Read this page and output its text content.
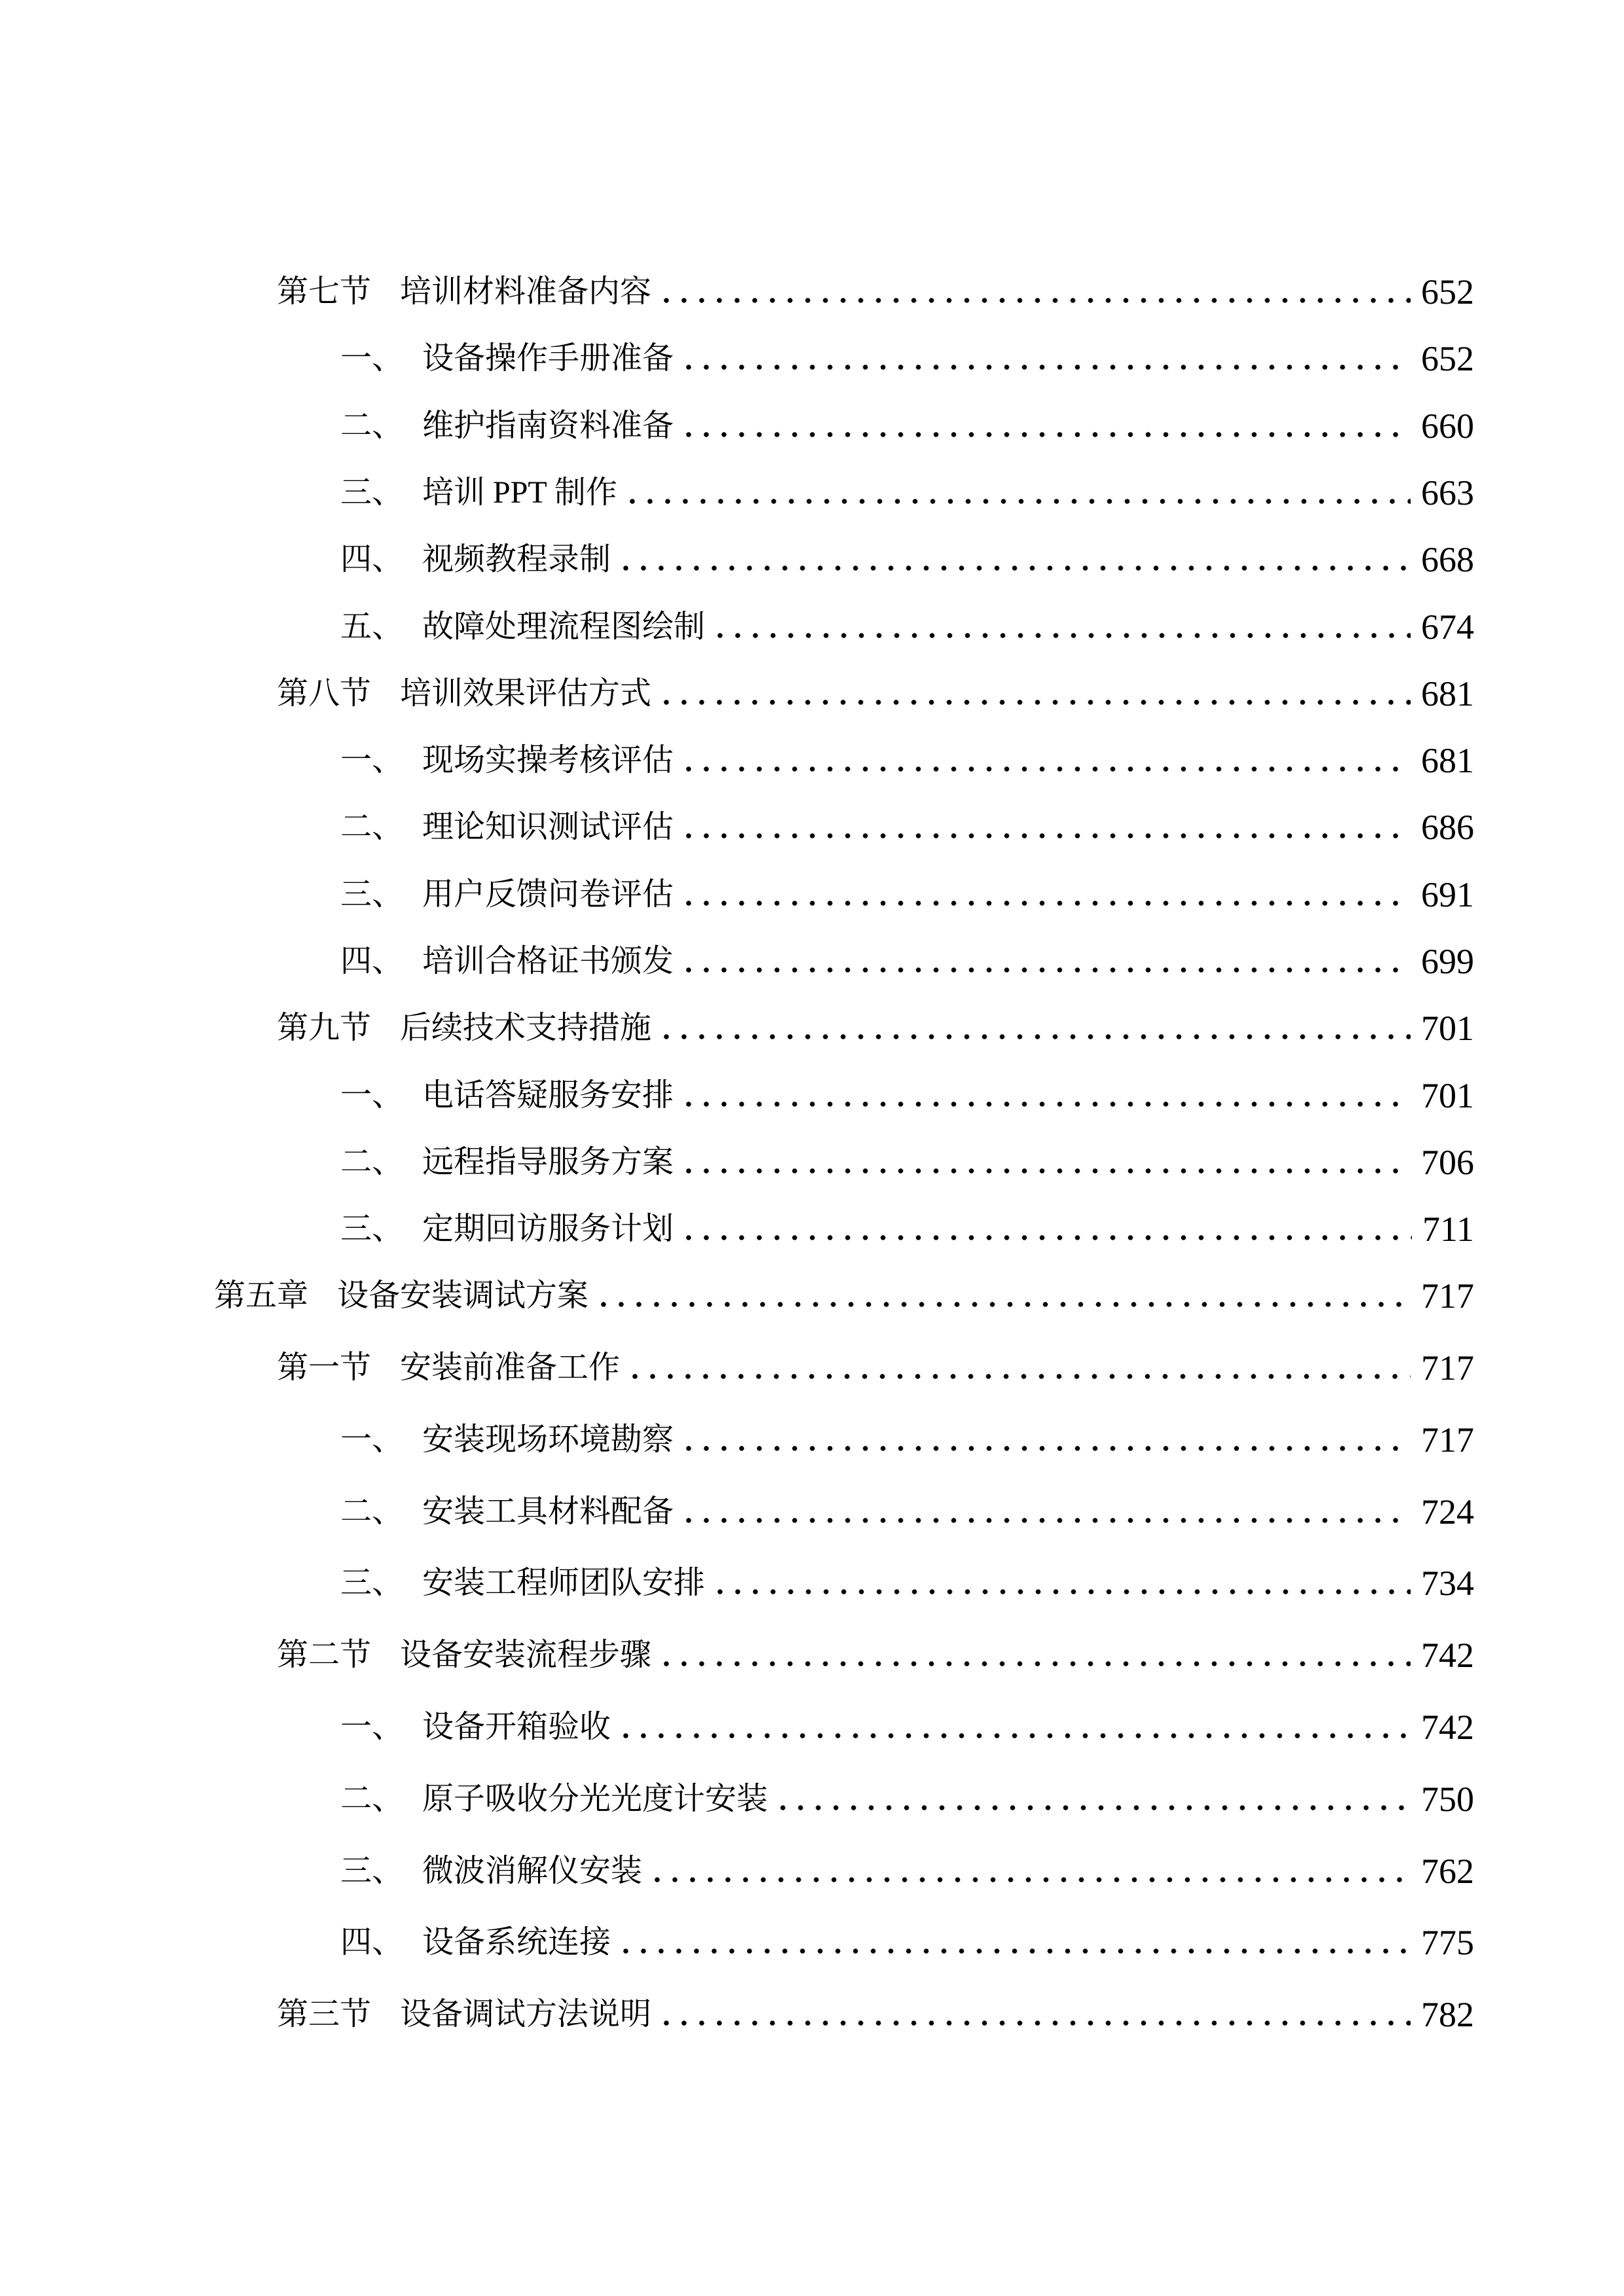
第七节 培训材料准备内容	652
一、 设备操作手册准备	652
二、 维护指南资料准备	660
三、 培训 PPT 制作	663
四、 视频教程录制	668
五、 故障处理流程图绘制	674
第八节 培训效果评估方式	681
一、 现场实操考核评估	681
二、 理论知识测试评估	686
三、 用户反馈问卷评估	691
四、 培训合格证书颁发	699
第九节 后续技术支持措施	701
一、 电话答疑服务安排	701
二、 远程指导服务方案	706
三、 定期回访服务计划	711
第五章 设备安装调试方案	717
第一节 安装前准备工作	717
一、 安装现场环境勘察	717
二、 安装工具材料配备	724
三、 安装工程师团队安排	734
第二节 设备安装流程步骤	742
一、 设备开箱验收	742
二、 原子吸收分光光度计安装	750
三、 微波消解仪安装	762
四、 设备系统连接	775
第三节 设备调试方法说明	782
